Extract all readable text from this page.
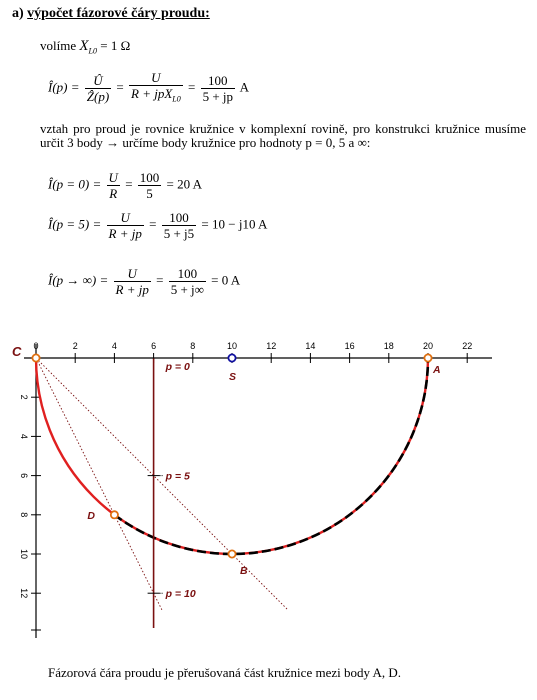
a) výpočet fázorové čáry proudu:
volíme $X_{L0} = 1$ Ω
Î(p) = $\frac{Û}{\text{Ẑ(p)}} = \frac{U}{R + jpX_{L0}} = \frac{100}{5 + jp}$ A
vztah pro proud je rovnice kružnice v komplexní rovině, pro konstrukci kružnice musíme určit 3 body → určíme body kružnice pro hodnoty p = 0, 5 a ∞:
Î(p = $0) = \frac{U}{R} = \frac{100}{5} = 20$ A
Î(p = $5) = \frac{U}{R + jp} = \frac{100}{5 + j5} = 10 - j10$ A
Î(p → ∞) = $\frac{U}{R + jp} = \frac{100}{5 + j\infty} = 0$ A
0	2	4	6	8	10	12	14	16	18	20	22
2
4
6
8
10
12
p = 0
p = 5
p = 10
C
S
A
B
D
Fázorová čára proudu je přerušovaná část kružnice mezi body A, D.
